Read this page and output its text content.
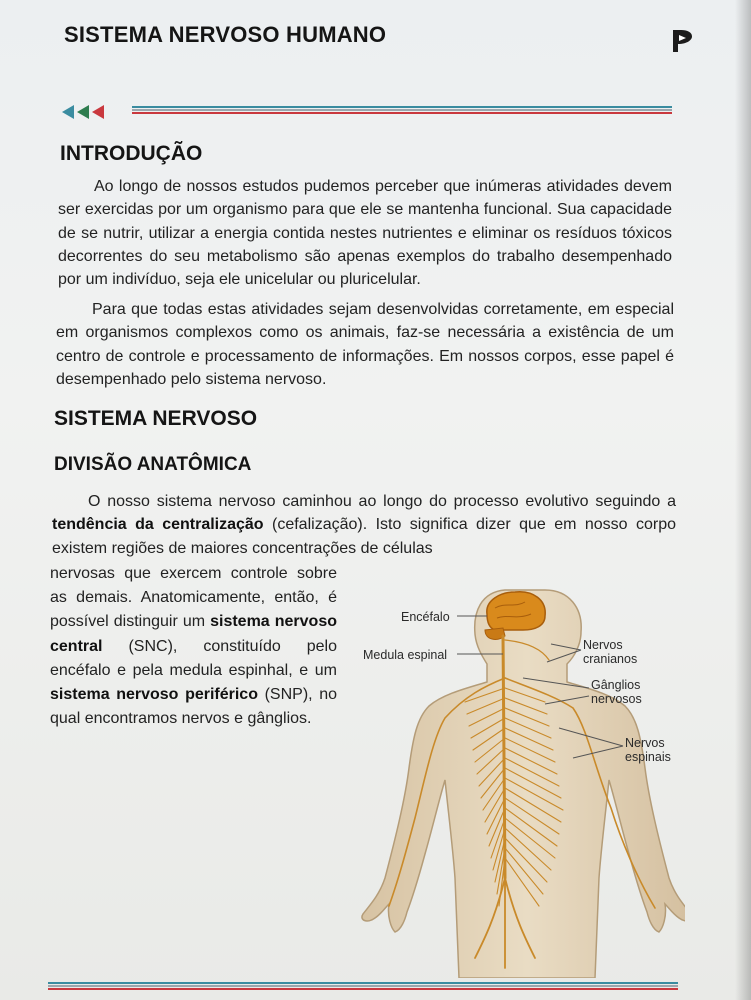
SISTEMA NERVOSO HUMANO
INTRODUÇÃO

Ao longo de nossos estudos pudemos perceber que inúmeras atividades devem ser exercidas por um organismo para que ele se mantenha funcional. Sua capacidade de se nutrir, utilizar a energia contida nestes nutrientes e eliminar os resíduos tóxicos decorrentes do seu metabolismo são apenas exemplos do trabalho desempenhado por um indivíduo, seja ele unicelular ou pluricelular.

Para que todas estas atividades sejam desenvolvidas corretamente, em especial em organismos complexos como os animais, faz-se necessária a existência de um centro de controle e processamento de informações. Em nossos corpos, esse papel é desempenhado pelo sistema nervoso.

SISTEMA NERVOSO
DIVISÃO ANATÔMICA

O nosso sistema nervoso caminhou ao longo do processo evolutivo seguindo a tendência da centralização (cefalização). Isto significa dizer que em nosso corpo existem regiões de maiores concentrações de células

nervosas que exercem controle sobre as demais. Anatomicamente, então, é possível distinguir um sistema nervoso central (SNC), constituído pelo encéfalo e pela medula espinhal, e um sistema nervoso periférico (SNP), no qual encontramos nervos e gânglios.

Encéfalo
Medula espinal
Nervos
cranianos
Gânglios
nervosos
Nervos
espinais
